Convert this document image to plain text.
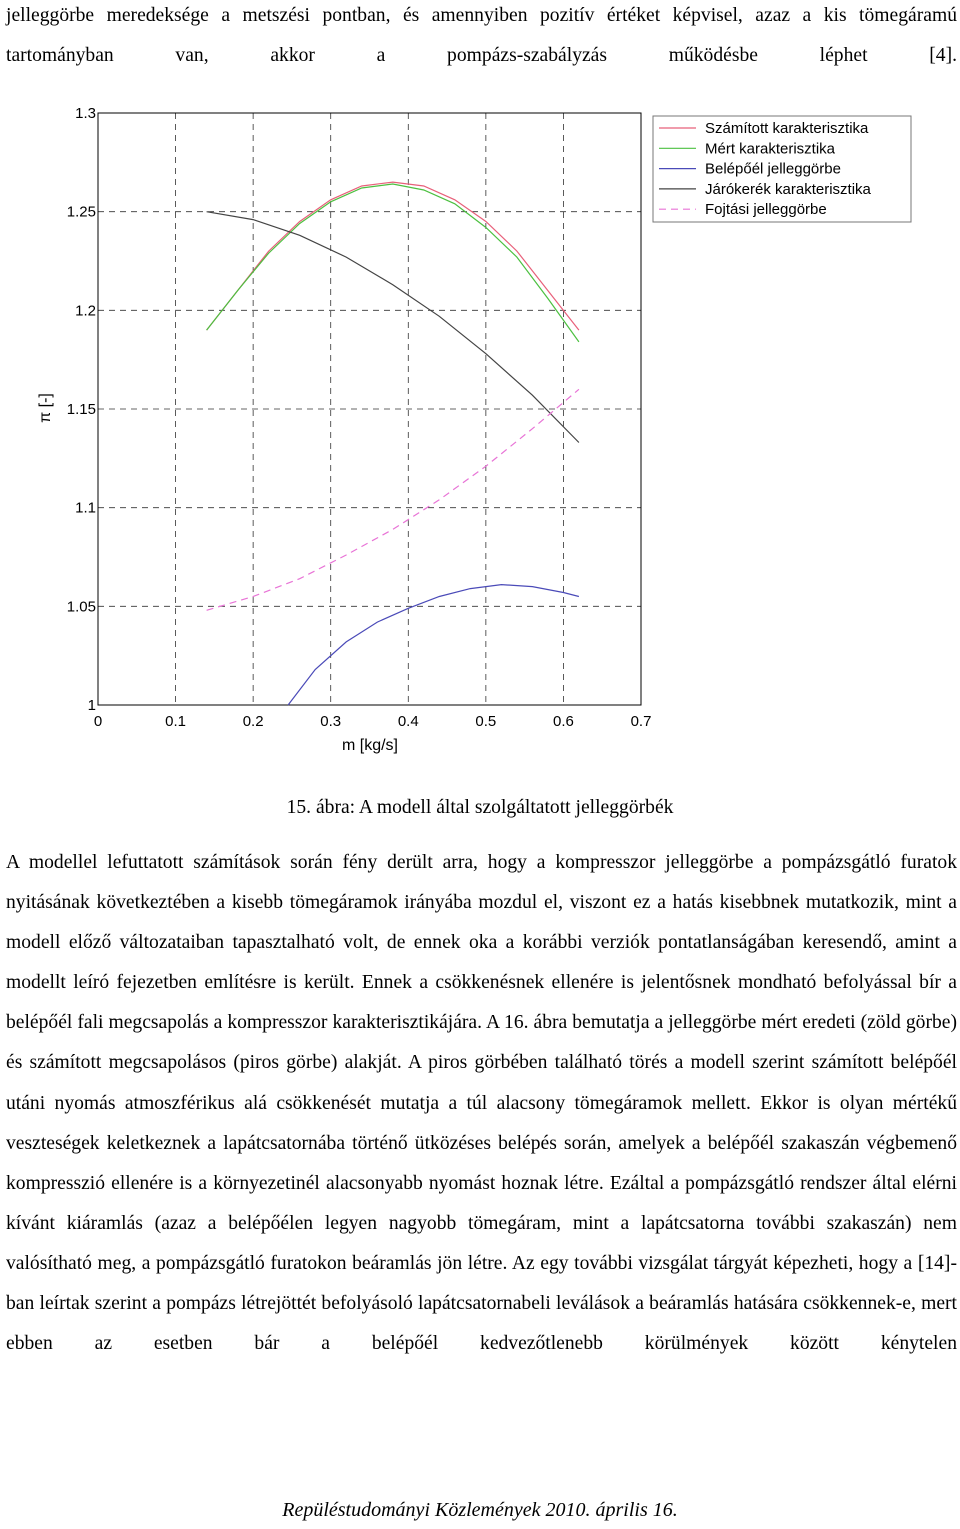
jelleggörbe meredeksége a metszési pontban, és amennyiben pozitív értéket képvisel, azaz a kis tömegáramú tartományban van, akkor a pompázs-szabályzás működésbe léphet [4].
0	0.1	0.2	0.3	0.4	0.5	0.6	0.7
1
1.05
1.1
1.15
1.2
1.25
1.3
Számított karakterisztika
Mért karakterisztika
Belépőél jelleggörbe
Járókerék karakterisztika
Fojtási jelleggörbe
m [kg/s]
π [-]
15. ábra: A modell által szolgáltatott jelleggörbék
A modellel lefuttatott számítások során fény derült arra, hogy a kompresszor jelleggörbe a pompázsgátló furatok nyitásának következtében a kisebb tömegáramok irányába mozdul el, viszont ez a hatás kisebbnek mutatkozik, mint a modell előző változataiban tapasztalható volt, de ennek oka a korábbi verziók pontatlanságában keresendő, amint a modellt leíró fejezetben említésre is került. Ennek a csökkenésnek ellenére is jelentősnek mondható befolyással bír a belépőél fali megcsapolás a kompresszor karakterisztikájára. A 16. ábra bemutatja a jelleggörbe mért eredeti (zöld görbe) és számított megcsapolásos (piros görbe) alakját. A piros görbében található törés a modell szerint számított belépőél utáni nyomás atmoszférikus alá csökkenését mutatja a túl alacsony tömegáramok mellett. Ekkor is olyan mértékű veszteségek keletkeznek a lapátcsatornába történő ütközéses belépés során, amelyek a belépőél szakaszán végbemenő kompresszió ellenére is a környezetinél alacsonyabb nyomást hoznak létre. Ezáltal a pompázsgátló rendszer által elérni kívánt kiáramlás (azaz a belépőélen legyen nagyobb tömegáram, mint a lapátcsatorna további szakaszán) nem valósítható meg, a pompázsgátló furatokon beáramlás jön létre. Az egy további vizsgálat tárgyát képezheti, hogy a [14]-ban leírtak szerint a pompázs létrejöttét befolyásoló lapátcsatornabeli leválások a beáramlás hatására csökkennek-e, mert ebben az esetben bár a belépőél kedvezőtlenebb körülmények között kénytelen
Repüléstudományi Közlemények 2010. április 16.
